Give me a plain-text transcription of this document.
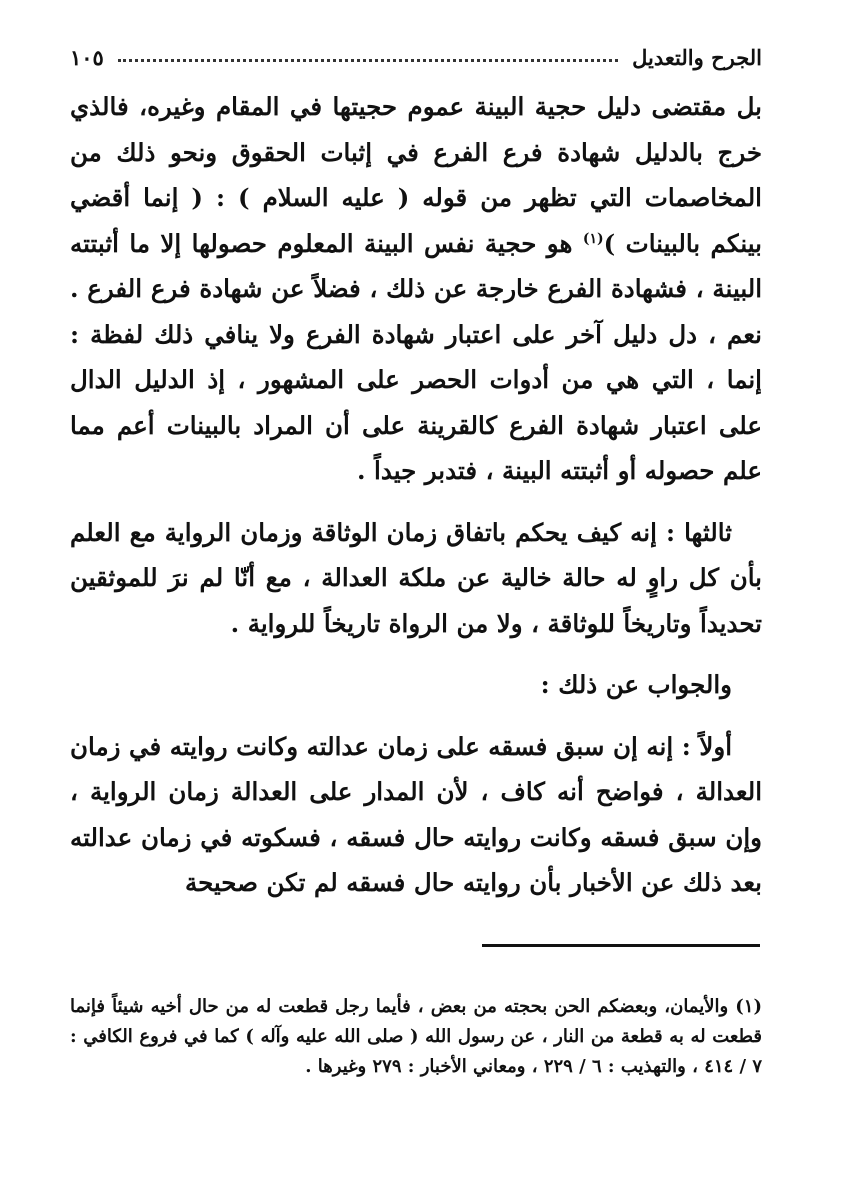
الجرح والتعديل
١٠٥

بل مقتضى دليل حجية البينة عموم حجيتها في المقام وغيره، فالذي خرج بالدليل شهادة فرع الفرع في إثبات الحقوق ونحو ذلك من المخاصمات التي تظهر من قوله ( عليه السلام ) : ( إنما أقضي بينكم بالبينات )$^{(١)}$ هو حجية نفس البينة المعلوم حصولها إلا ما أثبتته البينة ، فشهادة الفرع خارجة عن ذلك ، فضلاً عن شهادة فرع الفرع . نعم ، دل دليل آخر على اعتبار شهادة الفرع ولا ينافي ذلك لفظة : إنما ، التي هي من أدوات الحصر على المشهور ، إذ الدليل الدال على اعتبار شهادة الفرع كالقرينة على أن المراد بالبينات أعم مما علم حصوله أو أثبتته البينة ، فتدبر جيداً .

ثالثها : إنه كيف يحكم باتفاق زمان الوثاقة وزمان الرواية مع العلم بأن كل راوٍ له حالة خالية عن ملكة العدالة ، مع أنّا لم نرَ للموثقين تحديداً وتاريخاً للوثاقة ، ولا من الرواة تاريخاً للرواية .

والجواب عن ذلك :

أولاً : إنه إن سبق فسقه على زمان عدالته وكانت روايته في زمان العدالة ، فواضح أنه كاف ، لأن المدار على العدالة زمان الرواية ، وإن سبق فسقه وكانت روايته حال فسقه ، فسكوته في زمان عدالته بعد ذلك عن الأخبار بأن روايته حال فسقه لم تكن صحيحة

(١) والأيمان، وبعضكم الحن بحجته من بعض ، فأيما رجل قطعت له من حال أخيه شيئاً فإنما قطعت له به قطعة من النار ، عن رسول الله ( صلى الله عليه وآله ) كما في فروع الكافي : ٧ / ٤١٤ ، والتهذيب : ٦ / ٢٢٩ ، ومعاني الأخبار : ٢٧٩ وغيرها .
